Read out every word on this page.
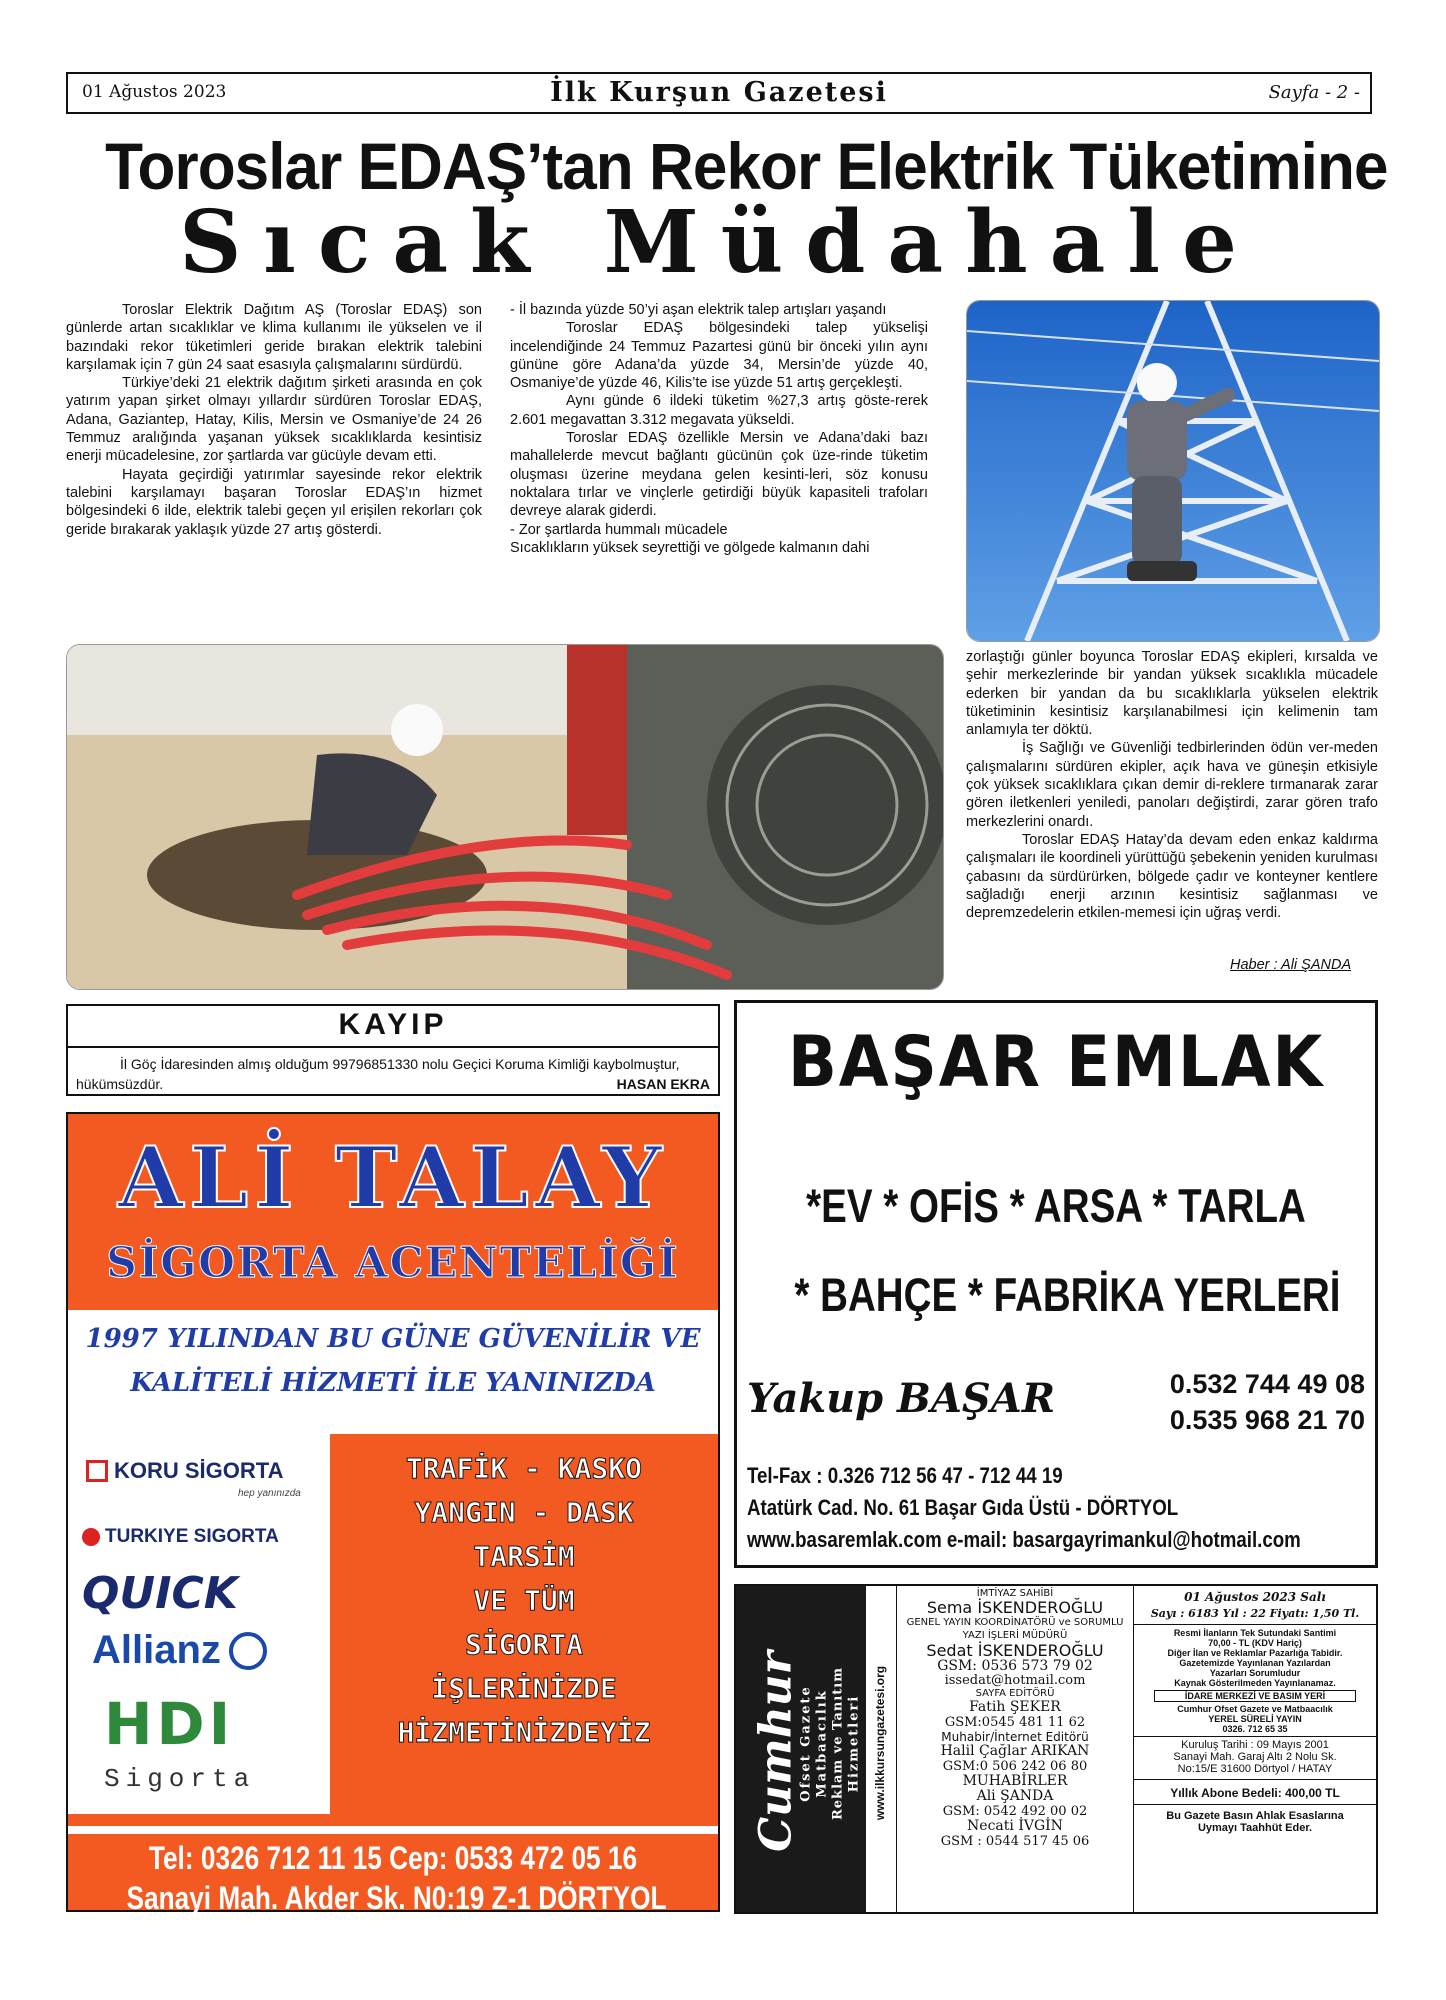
01 Ağustos 2023	İlk Kurşun Gazetesi	Sayfa - 2 -
Toroslar EDAŞ’tan Rekor Elektrik Tüketimine
Sıcak Müdahale

Toroslar Elektrik Dağıtım AŞ (Toroslar EDAŞ) son günlerde artan sıcaklıklar ve klima kullanımı ile yükselen ve il bazındaki rekor tüketimleri geride bırakan elektrik talebini karşılamak için 7 gün 24 saat esasıyla çalışmalarını sürdürdü.

Türkiye’deki 21 elektrik dağıtım şirketi arasında en çok yatırım yapan şirket olmayı yıllardır sürdüren Toroslar EDAŞ, Adana, Gaziantep, Hatay, Kilis, Mersin ve Osmaniye’de 24 26 Temmuz aralığında yaşanan yüksek sıcaklıklarda kesintisiz enerji mücadelesine, zor şartlarda var gücüyle devam etti.

Hayata geçirdiği yatırımlar sayesinde rekor elektrik talebini karşılamayı başaran Toroslar EDAŞ’ın hizmet bölgesindeki 6 ilde, elektrik talebi geçen yıl erişilen rekorları çok geride bırakarak yaklaşık yüzde 27 artış gösterdi.

- İl bazında yüzde 50’yi aşan elektrik talep artışları yaşandı

Toroslar EDAŞ bölgesindeki talep yükselişi incelendiğinde 24 Temmuz Pazartesi günü bir önceki yılın aynı gününe göre Adana’da yüzde 34, Mersin’de yüzde 40, Osmaniye’de yüzde 46, Kilis’te ise yüzde 51 artış gerçekleşti.

Aynı günde 6 ildeki tüketim %27,3 artış göste-rerek 2.601 megavattan 3.312 megavata yükseldi.

Toroslar EDAŞ özellikle Mersin ve Adana’daki bazı mahallelerde mevcut bağlantı gücünün çok üze-rinde tüketim oluşması üzerine meydana gelen kesinti-leri, söz konusu noktalara tırlar ve vinçlerle getirdiği büyük kapasiteli trafoları devreye alarak giderdi.

- Zor şartlarda hummalı mücadele

Sıcaklıkların yüksek seyrettiği ve gölgede kalmanın dahi

zorlaştığı günler boyunca Toroslar EDAŞ ekipleri, kırsalda ve şehir merkezlerinde bir yandan yüksek sıcaklıkla mücadele ederken bir yandan da bu sıcaklıklarla yükselen elektrik tüketiminin kesintisiz karşılanabilmesi için kelimenin tam anlamıyla ter döktü.

İş Sağlığı ve Güvenliği tedbirlerinden ödün ver-meden çalışmalarını sürdüren ekipler, açık hava ve güneşin etkisiyle çok yüksek sıcaklıklara çıkan demir di-reklere tırmanarak zarar gören iletkenleri yeniledi, panoları değiştirdi, zarar gören trafo merkezlerini onardı.

Toroslar EDAŞ Hatay’da devam eden enkaz kaldırma çalışmaları ile koordineli yürüttüğü şebekenin yeniden kurulması çabasını da sürdürürken, bölgede çadır ve konteyner kentlere sağladığı enerji arzının kesintisiz sağlanması ve depremzedelerin etkilen-memesi için uğraş verdi.

Haber : Ali ŞANDA
KAYIP
İl Göç İdaresinden almış olduğum 99796851330 nolu Geçici Koruma Kimliği kaybolmuştur, hükümsüzdür.	HASAN EKRA	BAŞAR EMLAK
*EV * OFİS * ARSA * TARLA
* BAHÇE * FABRİKA YERLERİ
Yakup BAŞAR	0.532 744 49 08
0.535 968 21 70
Tel-Fax : 0.326 712 56 47 - 712 44 19
Atatürk Cad. No. 61 Başar Gıda Üstü - DÖRTYOL
www.basaremlak.com e-mail: basargayrimankul@hotmail.com
ALİ TALAY
SİGORTA ACENTELİĞİ
1997 YILINDAN BU GÜNE GÜVENİLİR VE
KALİTELİ HİZMETİ İLE YANINIZDA
KORU SİGORTA
hep yanınızda
TURKIYE SIGORTA
QUICK
Allianz
HDI
Sigorta
TRAFİK - KASKO
YANGIN - DASK
TARSİM
VE TÜM
SİGORTA
İŞLERİNİZDE
HİZMETİNİZDEYİZ
Tel: 0326 712 11 15 Cep: 0533 472 05 16
Sanayi Mah. Akder Sk. N0:19 Z-1 DÖRTYOL
Cumhur
Ofset Gazete Matbaacılık Reklam ve Tanıtım Hizmetleri www.ilkkursungazetesi.org
İMTİYAZ SAHİBİ
Sema İSKENDEROĞLU
GENEL YAYIN KOORDİNATÖRÜ ve SORUMLU YAZI İŞLERİ MÜDÜRÜ
Sedat İSKENDEROĞLU
GSM: 0536 573 79 02
issedat@hotmail.com
SAYFA EDİTÖRÜ
Fatih ŞEKER
GSM:0545 481 11 62
Muhabir/İnternet Editörü
Halil Çağlar ARIKAN
GSM:0 506 242 06 80
MUHABİRLER
Ali ŞANDA
GSM: 0542 492 00 02
Necati İVGİN
GSM : 0544 517 45 06
01 Ağustos 2023 Salı
Sayı : 6183 Yıl : 22 Fiyatı: 1,50 Tl.
Resmi İlanların Tek Sutundaki Santimi
70,00 - TL (KDV Hariç)
Diğer İlan ve Reklamlar Pazarlığa Tabidir.
Gazetemizde Yayınlanan Yazılardan
Yazarları Sorumludur
Kaynak Gösterilmeden Yayınlanamaz.
İDARE MERKEZİ VE BASIM YERİ
Cumhur Ofset Gazete ve Matbaacılık
YEREL SÜRELİ YAYIN
0326. 712 65 35
Kuruluş Tarihi : 09 Mayıs 2001
Sanayi Mah. Garaj Altı 2 Nolu Sk.
No:15/E 31600 Dörtyol / HATAY
Yıllık Abone Bedeli: 400,00 TL
Bu Gazete Basın Ahlak Esaslarına
Uymayı Taahhüt Eder.
